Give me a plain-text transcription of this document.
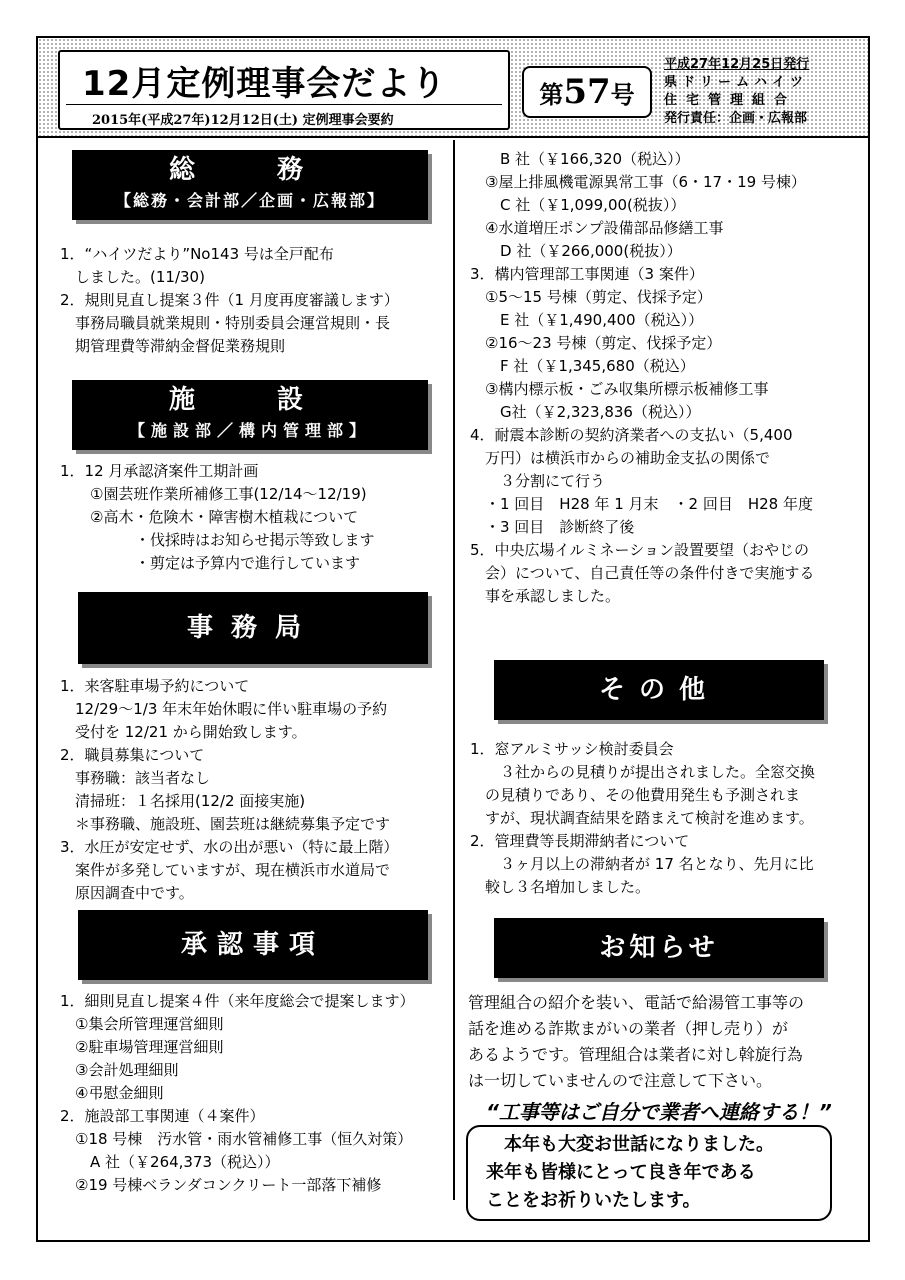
12月定例理事会だより
2015年(平成27年)12月12日(土) 定例理事会要約
第57号
平成27年12月25日発行
県ドリームハイツ
住宅管理組合
発行責任：企画・広報部
総　務
【総務・会計部／企画・広報部】
1．“ハイツだより”No143 号は全戸配布
　しました。(11/30)
2．規則見直し提案３件（1 月度再度審議します）
　事務局職員就業規則・特別委員会運営規則・長
　期管理費等滞納金督促業務規則
施　設
【施設部／構内管理部】
1．12 月承認済案件工期計画
　　①園芸班作業所補修工事(12/14～12/19)
　　②高木・危険木・障害樹木植栽について
　　　　　・伐採時はお知らせ掲示等致します
　　　　　・剪定は予算内で進行しています
事務局
1．来客駐車場予約について
　12/29～1/3 年末年始休暇に伴い駐車場の予約
　受付を 12/21 から開始致します。
2．職員募集について
　事務職：該当者なし
　清掃班：１名採用(12/2 面接実施)
　＊事務職、施設班、園芸班は継続募集予定です
3．水圧が安定せず、水の出が悪い（特に最上階）
　案件が多発していますが、現在横浜市水道局で
　原因調査中です。
承認事項
1．細則見直し提案４件（来年度総会で提案します）
　①集会所管理運営細則
　②駐車場管理運営細則
　③会計処理細則
　④弔慰金細則
2．施設部工事関連（４案件）
　①18 号棟　汚水管・雨水管補修工事（恒久対策）
　　A 社（￥264,373（税込））
　②19 号棟ベランダコンクリート一部落下補修
　　B 社（￥166,320（税込））
　③屋上排風機電源異常工事（6・17・19 号棟）
　　C 社（￥1,099,00(税抜））
　④水道増圧ポンプ設備部品修繕工事
　　D 社（￥266,000(税抜））
3．構内管理部工事関連（3 案件）
　①5～15 号棟（剪定、伐採予定）
　　E 社（￥1,490,400（税込））
　②16～23 号棟（剪定、伐採予定）
　　F 社（￥1,345,680（税込）
　③構内標示板・ごみ収集所標示板補修工事
　　G社（￥2,323,836（税込））
4．耐震本診断の契約済業者への支払い（5,400
　万円）は横浜市からの補助金支払の関係で
　　３分割にて行う
　・1 回目　H28 年 1 月末　・2 回目　H28 年度
　・3 回目　診断終了後
5．中央広場イルミネーション設置要望（おやじの
　会）について、自己責任等の条件付きで実施する
　事を承認しました。
その他
1．窓アルミサッシ検討委員会
　　３社からの見積りが提出されました。全窓交換
　の見積りであり、その他費用発生も予測されま
　すが、現状調査結果を踏まえて検討を進めます。
2．管理費等長期滞納者について
　　３ヶ月以上の滞納者が 17 名となり、先月に比
　較し３名増加しました。
お知らせ
管理組合の紹介を装い、電話で給湯管工事等の
話を進める詐欺まがいの業者（押し売り）が
あるようです。管理組合は業者に対し斡旋行為
は一切していませんので注意して下さい。
“工事等はご自分で業者へ連絡する！”
　本年も大変お世話になりました。
来年も皆様にとって良き年である
ことをお祈りいたします。
